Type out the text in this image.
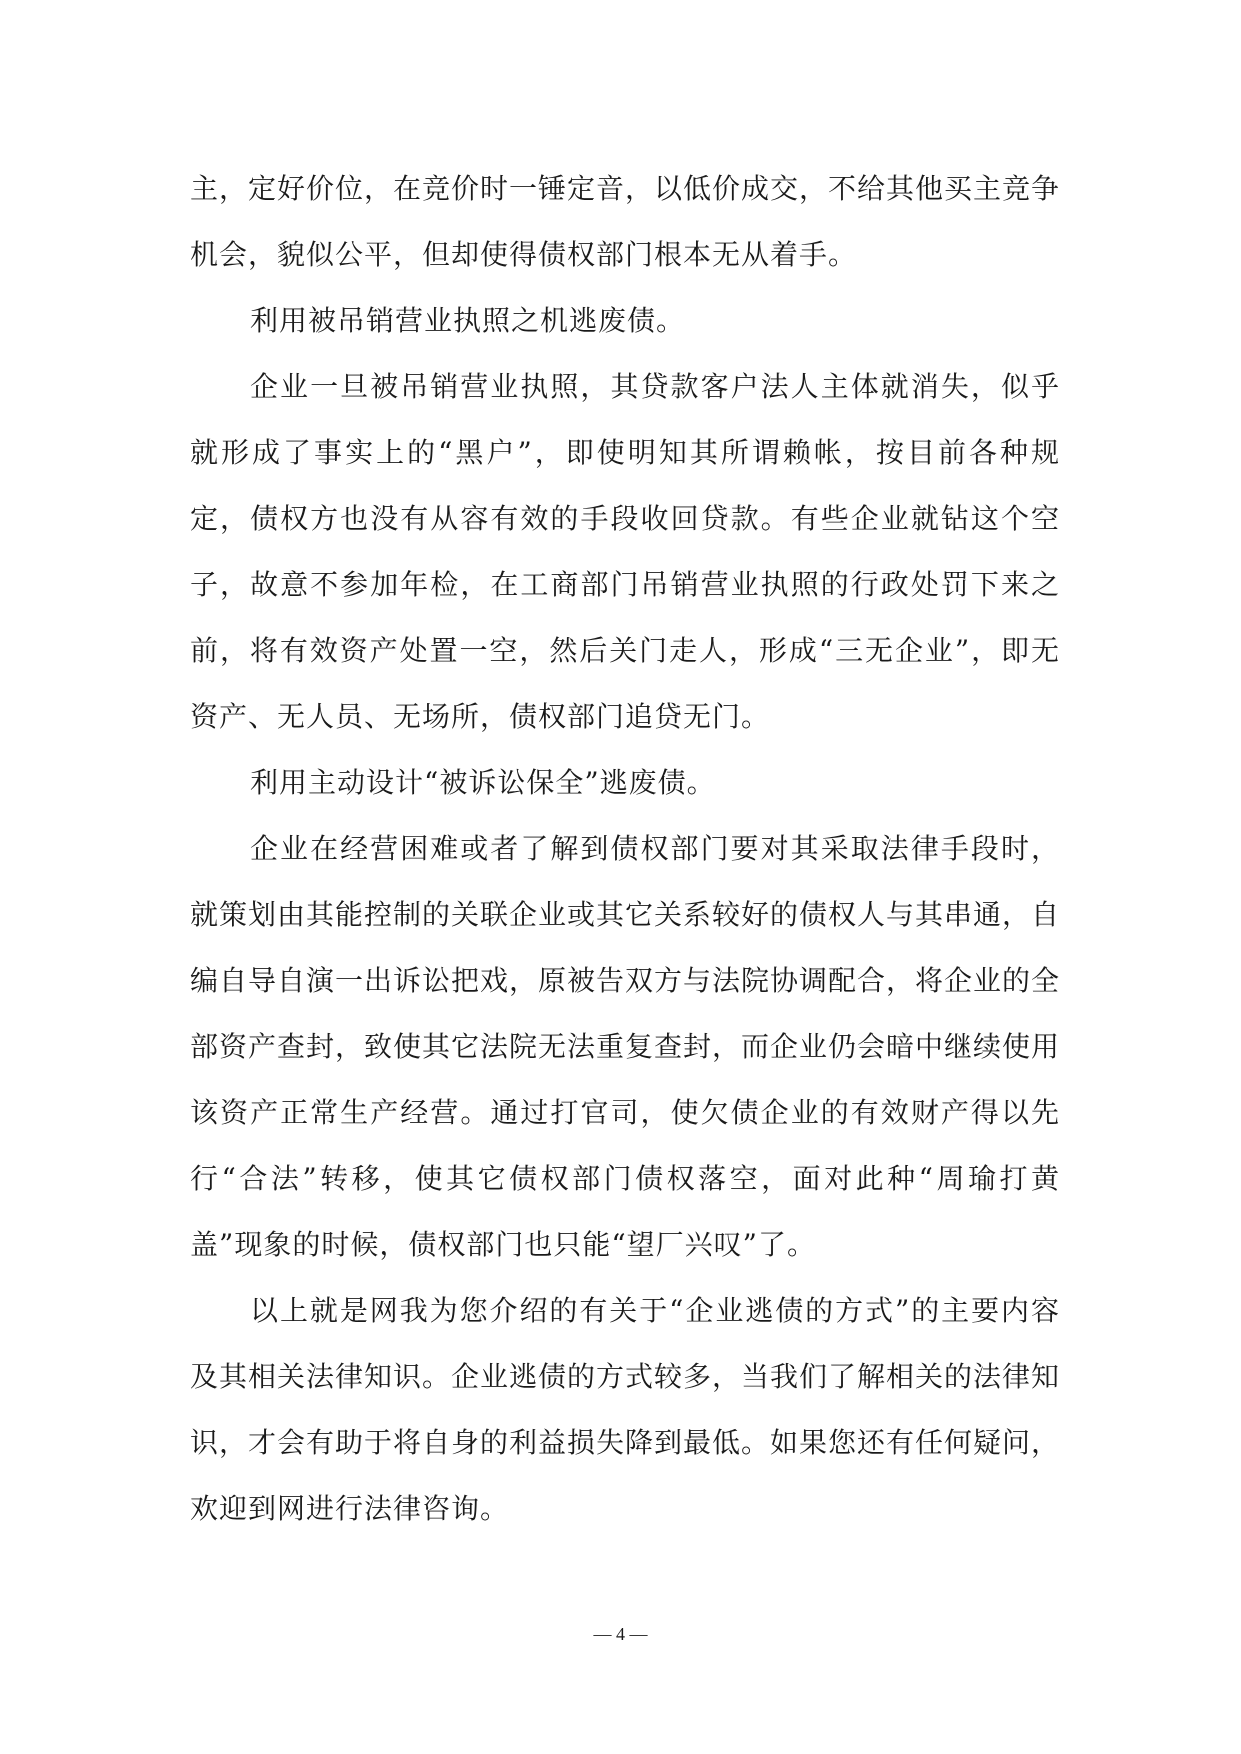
主，定好价位，在竞价时一锤定音，以低价成交，不给其他买主竞争机会，貌似公平，但却使得债权部门根本无从着手。

利用被吊销营业执照之机逃废债。

企业一旦被吊销营业执照，其贷款客户法人主体就消失，似乎就形成了事实上的“黑户”，即使明知其所谓赖帐，按目前各种规定，债权方也没有从容有效的手段收回贷款。有些企业就钻这个空子，故意不参加年检，在工商部门吊销营业执照的行政处罚下来之前，将有效资产处置一空，然后关门走人，形成“三无企业”，即无资产、无人员、无场所，债权部门追贷无门。

利用主动设计“被诉讼保全”逃废债。

企业在经营困难或者了解到债权部门要对其采取法律手段时，就策划由其能控制的关联企业或其它关系较好的债权人与其串通，自编自导自演一出诉讼把戏，原被告双方与法院协调配合，将企业的全部资产查封，致使其它法院无法重复查封，而企业仍会暗中继续使用该资产正常生产经营。通过打官司，使欠债企业的有效财产得以先行“合法”转移，使其它债权部门债权落空，面对此种“周瑜打黄盖”现象的时候，债权部门也只能“望厂兴叹”了。

以上就是网我为您介绍的有关于“企业逃债的方式”的主要内容及其相关法律知识。企业逃债的方式较多，当我们了解相关的法律知识，才会有助于将自身的利益损失降到最低。如果您还有任何疑问，欢迎到网进行法律咨询。

— 4 —
